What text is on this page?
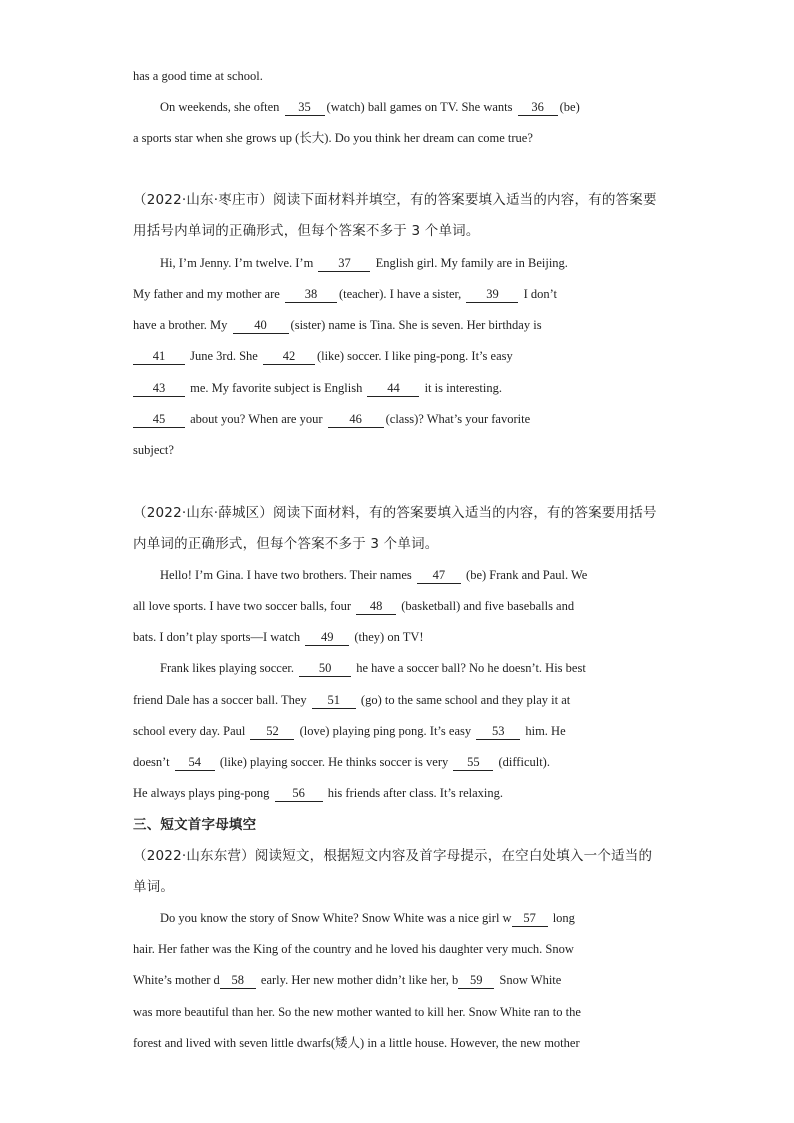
has a good time at school.
On weekends, she often 35 (watch) ball games on TV. She wants 36 (be)
a sports star when she grows up (长大). Do you think her dream can come true?
（2022·山东·枣庄市）阅读下面材料并填空，有的答案要填入适当的内容，有的答案要
用括号内单词的正确形式，但每个答案不多于 3 个单词。
Hi, I’m Jenny. I’m twelve. I’m 37 English girl. My family are in Beijing.
My father and my mother are 38 (teacher). I have a sister, 39 I don’t
have a brother. My 40 (sister) name is Tina. She is seven. Her birthday is
41 June 3rd. She 42 (like) soccer. I like ping-pong. It’s easy
43 me. My favorite subject is English 44 it is interesting.
45 about you? When are your 46 (class)? What’s your favorite
subject?
（2022·山东·薛城区）阅读下面材料，有的答案要填入适当的内容，有的答案要用括号
内单词的正确形式，但每个答案不多于 3 个单词。
Hello! I’m Gina. I have two brothers. Their names 47 (be) Frank and Paul. We
all love sports. I have two soccer balls, four 48 (basketball) and five baseballs and
bats. I don’t play sports—I watch 49 (they) on TV!
Frank likes playing soccer. 50 he have a soccer ball? No he doesn’t. His best
friend Dale has a soccer ball. They 51 (go) to the same school and they play it at
school every day. Paul 52 (love) playing ping pong. It’s easy 53 him. He
doesn’t 54 (like) playing soccer. He thinks soccer is very 55 (difficult).
He always plays ping-pong 56 his friends after class. It’s relaxing.
三、短文首字母填空
（2022·山东东营）阅读短文，根据短文内容及首字母提示，在空白处填入一个适当的
单词。
Do you know the story of Snow White? Snow White was a nice girl w 57 long
hair. Her father was the King of the country and he loved his daughter very much. Snow
White’s mother d 58 early. Her new mother didn’t like her, b 59 Snow White
was more beautiful than her. So the new mother wanted to kill her. Snow White ran to the
forest and lived with seven little dwarfs(矮人) in a little house. However, the new mother
